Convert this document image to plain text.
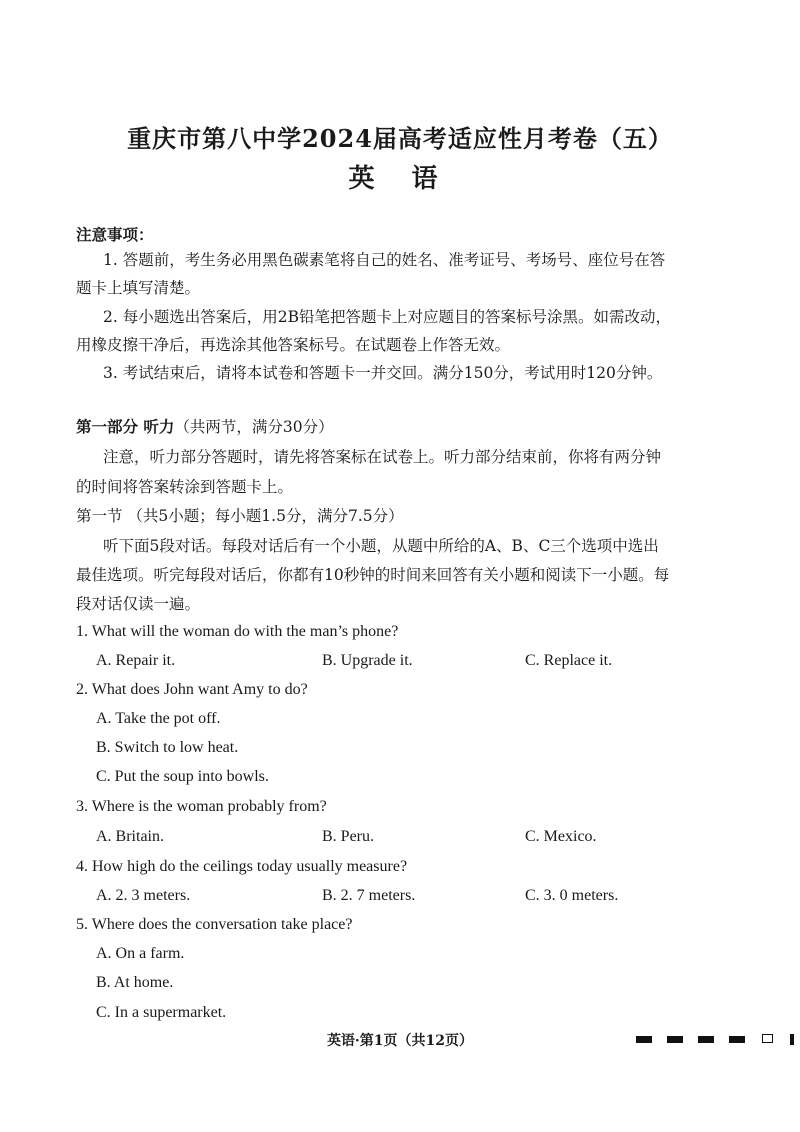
重庆市第八中学2024届高考适应性月考卷（五）
英 语
注意事项：
1. 答题前，考生务必用黑色碳素笔将自己的姓名、准考证号、考场号、座位号在答
题卡上填写清楚。
2. 每小题选出答案后，用2B铅笔把答题卡上对应题目的答案标号涂黑。如需改动，
用橡皮擦干净后，再选涂其他答案标号。在试题卷上作答无效。
3. 考试结束后，请将本试卷和答题卡一并交回。满分150分，考试用时120分钟。
第一部分 听力（共两节，满分30分）
注意，听力部分答题时，请先将答案标在试卷上。听力部分结束前，你将有两分钟
的时间将答案转涂到答题卡上。
第一节 （共5小题；每小题1.5分，满分7.5分）
听下面5段对话。每段对话后有一个小题，从题中所给的A、B、C三个选项中选出
最佳选项。听完每段对话后，你都有10秒钟的时间来回答有关小题和阅读下一小题。每
段对话仅读一遍。
1. What will the woman do with the man’s phone?
A. Repair it.	B. Upgrade it.	C. Replace it.
2. What does John want Amy to do?
A. Take the pot off.
B. Switch to low heat.
C. Put the soup into bowls.
3. Where is the woman probably from?
A. Britain.	B. Peru.	C. Mexico.
4. How high do the ceilings today usually measure?
A. 2. 3 meters.	B. 2. 7 meters.	C. 3. 0 meters.
5. Where does the conversation take place?
A. On a farm.
B. At home.
C. In a supermarket.
英语·第1页（共12页）
